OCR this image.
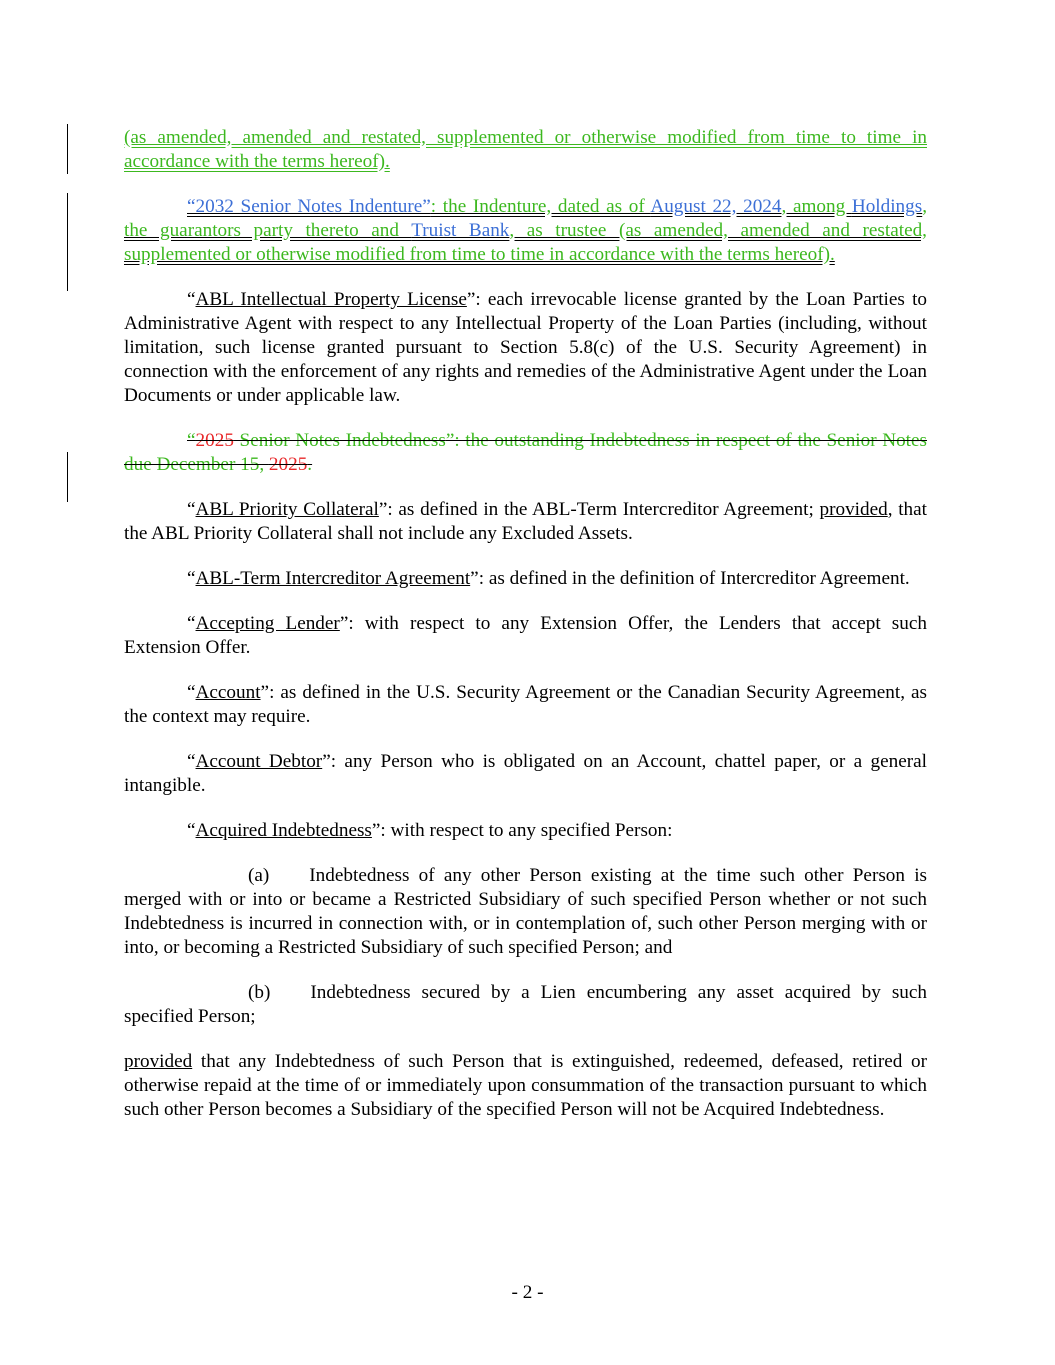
(as amended, amended and restated, supplemented or otherwise modified from time to time in accordance with the terms hereof).

“2032 Senior Notes Indenture”: the Indenture, dated as of August 22, 2024, among Holdings, the guarantors party thereto and Truist Bank, as trustee (as amended, amended and restated, supplemented or otherwise modified from time to time in accordance with the terms hereof).

“ABL Intellectual Property License”: each irrevocable license granted by the Loan Parties to Administrative Agent with respect to any Intellectual Property of the Loan Parties (including, without limitation, such license granted pursuant to Section 5.8(c) of the U.S. Security Agreement) in connection with the enforcement of any rights and remedies of the Administrative Agent under the Loan Documents or under applicable law.

“2025 Senior Notes Indebtedness”: the outstanding Indebtedness in respect of the Senior Notes due December 15, 2025.

“ABL Priority Collateral”: as defined in the ABL-Term Intercreditor Agreement; provided, that the ABL Priority Collateral shall not include any Excluded Assets.

“ABL-Term Intercreditor Agreement”: as defined in the definition of Intercreditor Agreement.

“Accepting Lender”: with respect to any Extension Offer, the Lenders that accept such Extension Offer.

“Account”: as defined in the U.S. Security Agreement or the Canadian Security Agreement, as the context may require.

“Account Debtor”: any Person who is obligated on an Account, chattel paper, or a general intangible.

“Acquired Indebtedness”: with respect to any specified Person:

(a) Indebtedness of any other Person existing at the time such other Person is merged with or into or became a Restricted Subsidiary of such specified Person whether or not such Indebtedness is incurred in connection with, or in contemplation of, such other Person merging with or into, or becoming a Restricted Subsidiary of such specified Person; and

(b) Indebtedness secured by a Lien encumbering any asset acquired by such specified Person;

provided that any Indebtedness of such Person that is extinguished, redeemed, defeased, retired or otherwise repaid at the time of or immediately upon consummation of the transaction pursuant to which such other Person becomes a Subsidiary of the specified Person will not be Acquired Indebtedness.

- 2 -
